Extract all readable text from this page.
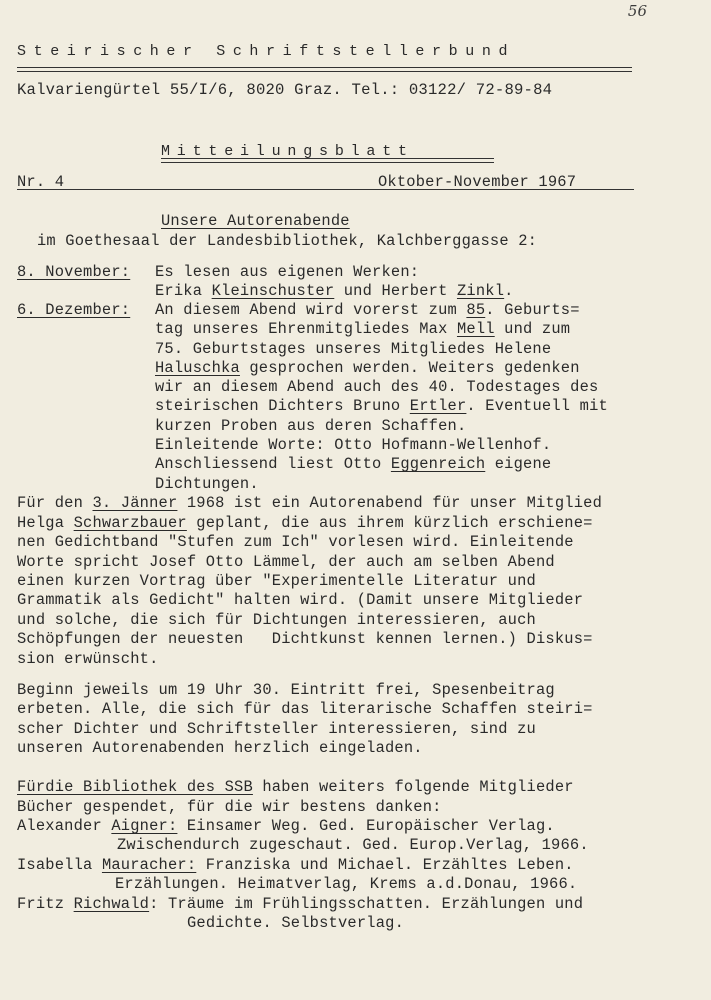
56
Steirischer Schriftstellerbund
Kalvariengürtel 55/I/6, 8020 Graz. Tel.: 03122/ 72-89-84
Mitteilungsblatt
Nr. 4	Oktober-November 1967
Unsere Autorenabende
im Goethesaal der Landesbibliothek, Kalchberggasse 2:
8. November: Es lesen aus eigenen Werken:
Erika Kleinschuster und Herbert Zinkl.
6. Dezember: An diesem Abend wird vorerst zum 85. Geburts=
tag unseres Ehrenmitgliedes Max Mell und zum
75. Geburtstages unseres Mitgliedes Helene
Haluschka gesprochen werden. Weiters gedenken
wir an diesem Abend auch des 40. Todestages des
steirischen Dichters Bruno Ertler. Eventuell mit
kurzen Proben aus deren Schaffen.
Einleitende Worte: Otto Hofmann-Wellenhof.
Anschliessend liest Otto Eggenreich eigene
Dichtungen.
Für den 3. Jänner 1968 ist ein Autorenabend für unser Mitglied
Helga Schwarzbauer geplant, die aus ihrem kürzlich erschiene=
nen Gedichtband "Stufen zum Ich" vorlesen wird. Einleitende
Worte spricht Josef Otto Lämmel, der auch am selben Abend
einen kurzen Vortrag über "Experimentelle Literatur und
Grammatik als Gedicht" halten wird. (Damit unsere Mitglieder
und solche, die sich für Dichtungen interessieren, auch
Schöpfungen der neuesten   Dichtkunst kennen lernen.) Diskus=
sion erwünscht.
Beginn jeweils um 19 Uhr 30. Eintritt frei, Spesenbeitrag
erbeten. Alle, die sich für das literarische Schaffen steiri=
scher Dichter und Schriftsteller interessieren, sind zu
unseren Autorenabenden herzlich eingeladen.
Fürdie Bibliothek des SSB haben weiters folgende Mitglieder
Bücher gespendet, für die wir bestens danken:
Alexander Aigner: Einsamer Weg. Ged. Europäischer Verlag.
Zwischendurch zugeschaut. Ged. Europ.Verlag, 1966.
Isabella Mauracher: Franziska und Michael. Erzähltes Leben.
Erzählungen. Heimatverlag, Krems a.d.Donau, 1966.
Fritz Richwald: Träume im Frühlingsschatten. Erzählungen und
Gedichte. Selbstverlag.
